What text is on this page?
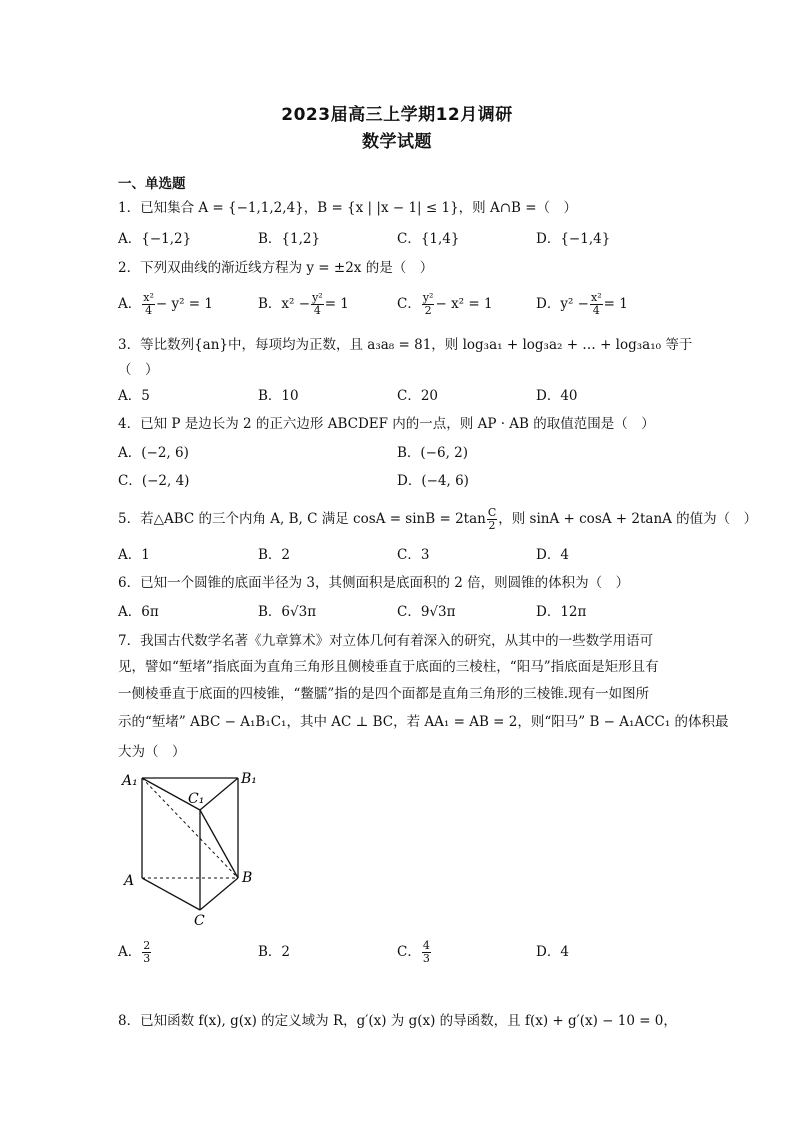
2023届高三上学期12月调研
数学试题
一、单选题
1．已知集合 A = {−1,1,2,4}，B = {x | |x − 1| ≤ 1}，则 A∩B =（　）
A．{−1,2}	B．{1,2}	C．{1,4}	D．{−1,4}
2．下列双曲线的渐近线方程为 y = ±2x 的是（　）
A． $\frac{\text{x²}}{4} - y^2 = 1$	B．$x^2 - \frac{\text{y²}}{4} = 1$	C． $\frac{\text{y²}}{2} - x^2 = 1$	D．$y^2 - \frac{\text{x²}}{4} = 1$
3．等比数列{an}中，每项均为正数，且 a₃a₈ = 81，则 log₃a₁ + log₃a₂ + … + log₃a₁₀ 等于
（　）
A．5	B．10	C．20	D．40
4．已知 P 是边长为 2 的正六边形 ABCDEF 内的一点，则 AP · AB 的取值范围是（　）
A．(−2, 6)	B．(−6, 2)
C．(−2, 4)	D．(−4, 6)
5．若△ABC 的三个内角 A, B, C 满足 $\cos A = \sin B = 2\tan \frac{C}{2}$ ，则 sinA + cosA + 2tanA 的值为（　）
A．1	B．2	C．3	D．4
6．已知一个圆锥的底面半径为 3，其侧面积是底面积的 2 倍，则圆锥的体积为（　）
A．6π	B．6√3π	C．9√3π	D．12π
7．我国古代数学名著《九章算术》对立体几何有着深入的研究，从其中的一些数学用语可
见，譬如“堑堵”指底面为直角三角形且侧棱垂直于底面的三棱柱，“阳马”指底面是矩形且有
一侧棱垂直于底面的四棱锥，“鳖臑”指的是四个面都是直角三角形的三棱锥.现有一如图所
示的“堑堵” ABC − A₁B₁C₁，其中 AC ⊥ BC，若 AA₁ = AB = 2，则“阳马” B − A₁ACC₁ 的体积最
大为（　）
A₁	B₁
C₁
A	B
C
A． $\frac{2}{3}$	B．2	C． $\frac{4}{3}$	D．4
8．已知函数 f(x), g(x) 的定义域为 R，g′(x) 为 g(x) 的导函数，且 f(x) + g′(x) − 10 = 0，
